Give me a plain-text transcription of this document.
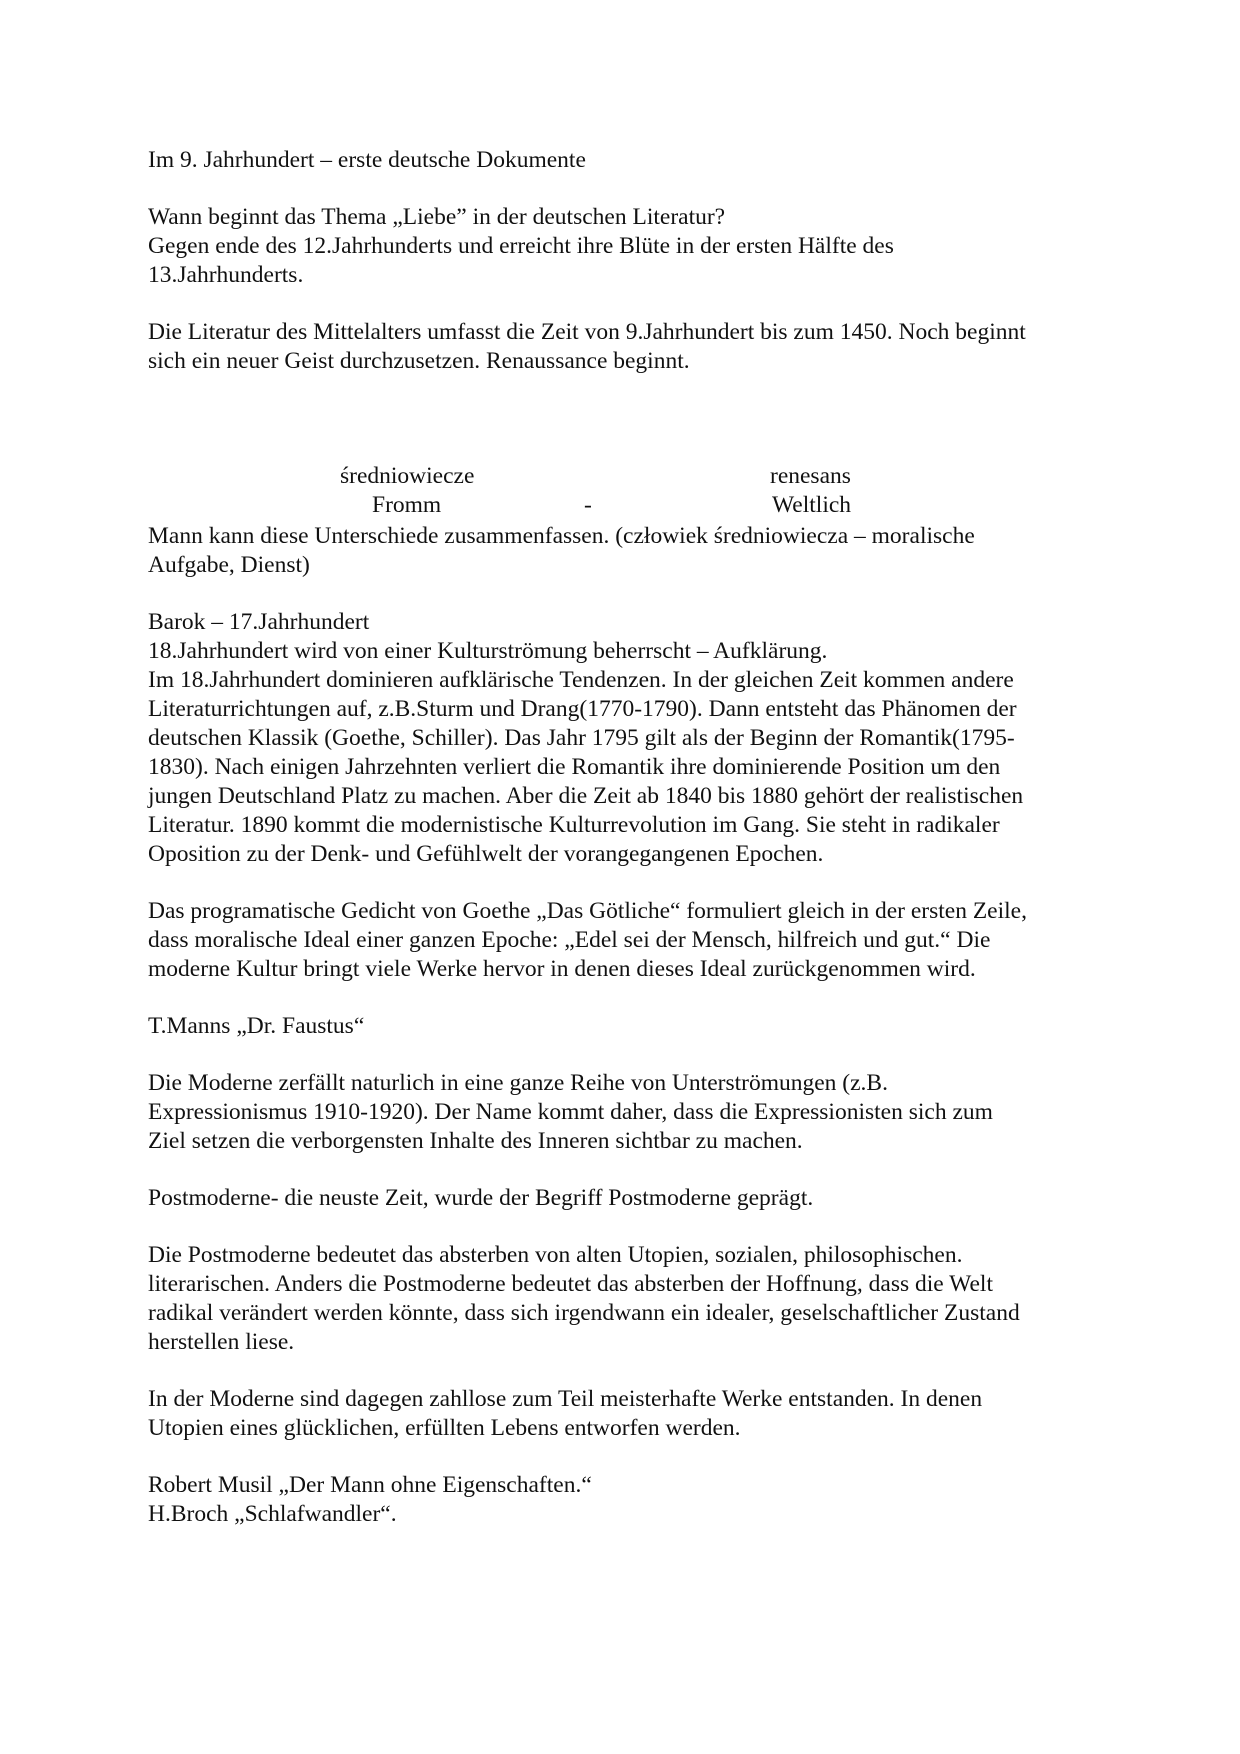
Im 9. Jahrhundert – erste deutsche Dokumente

Wann beginnt das Thema „Liebe” in der deutschen Literatur?
Gegen ende des 12.Jahrhunderts und erreicht ihre Blüte in der ersten Hälfte des
13.Jahrhunderts.

Die Literatur des Mittelalters umfasst die Zeit von 9.Jahrhundert bis zum 1450. Noch beginnt
sich ein neuer Geist durchzusetzen. Renaussance beginnt.

średniowiecze
Fromm	-
renesans
Weltlich

Mann kann diese Unterschiede zusammenfassen. (człowiek średniowiecza – moralische
Aufgabe, Dienst)

Barok – 17.Jahrhundert
18.Jahrhundert wird von einer Kulturströmung beherrscht – Aufklärung.
Im 18.Jahrhundert dominieren aufklärische Tendenzen. In der gleichen Zeit kommen andere
Literaturrichtungen auf, z.B.Sturm und Drang(1770-1790). Dann entsteht das Phänomen der
deutschen Klassik (Goethe, Schiller). Das Jahr 1795 gilt als der Beginn der Romantik(1795-
1830). Nach einigen Jahrzehnten verliert die Romantik ihre dominierende Position um den
jungen Deutschland Platz zu machen. Aber die Zeit ab 1840 bis 1880 gehört der realistischen
Literatur. 1890 kommt die modernistische Kulturrevolution im Gang. Sie steht in radikaler
Oposition zu der Denk- und Gefühlwelt der vorangegangenen Epochen.

Das programatische Gedicht von Goethe „Das Götliche“ formuliert gleich in der ersten Zeile,
dass moralische Ideal einer ganzen Epoche: „Edel sei der Mensch, hilfreich und gut.“ Die
moderne Kultur bringt viele Werke hervor in denen dieses Ideal zurückgenommen wird.

T.Manns „Dr. Faustus“

Die Moderne zerfällt naturlich in eine ganze Reihe von Unterströmungen (z.B.
Expressionismus 1910-1920). Der Name kommt daher, dass die Expressionisten sich zum
Ziel setzen die verborgensten Inhalte des Inneren sichtbar zu machen.

Postmoderne- die neuste Zeit, wurde der Begriff Postmoderne geprägt.

Die Postmoderne bedeutet das absterben von alten Utopien, sozialen, philosophischen.
literarischen. Anders die Postmoderne bedeutet das absterben der Hoffnung, dass die Welt
radikal verändert werden könnte, dass sich irgendwann ein idealer, geselschaftlicher Zustand
herstellen liese.

In der Moderne sind dagegen zahllose zum Teil meisterhafte Werke entstanden. In denen
Utopien eines glücklichen, erfüllten Lebens entworfen werden.

Robert Musil „Der Mann ohne Eigenschaften.“
H.Broch „Schlafwandler“.
